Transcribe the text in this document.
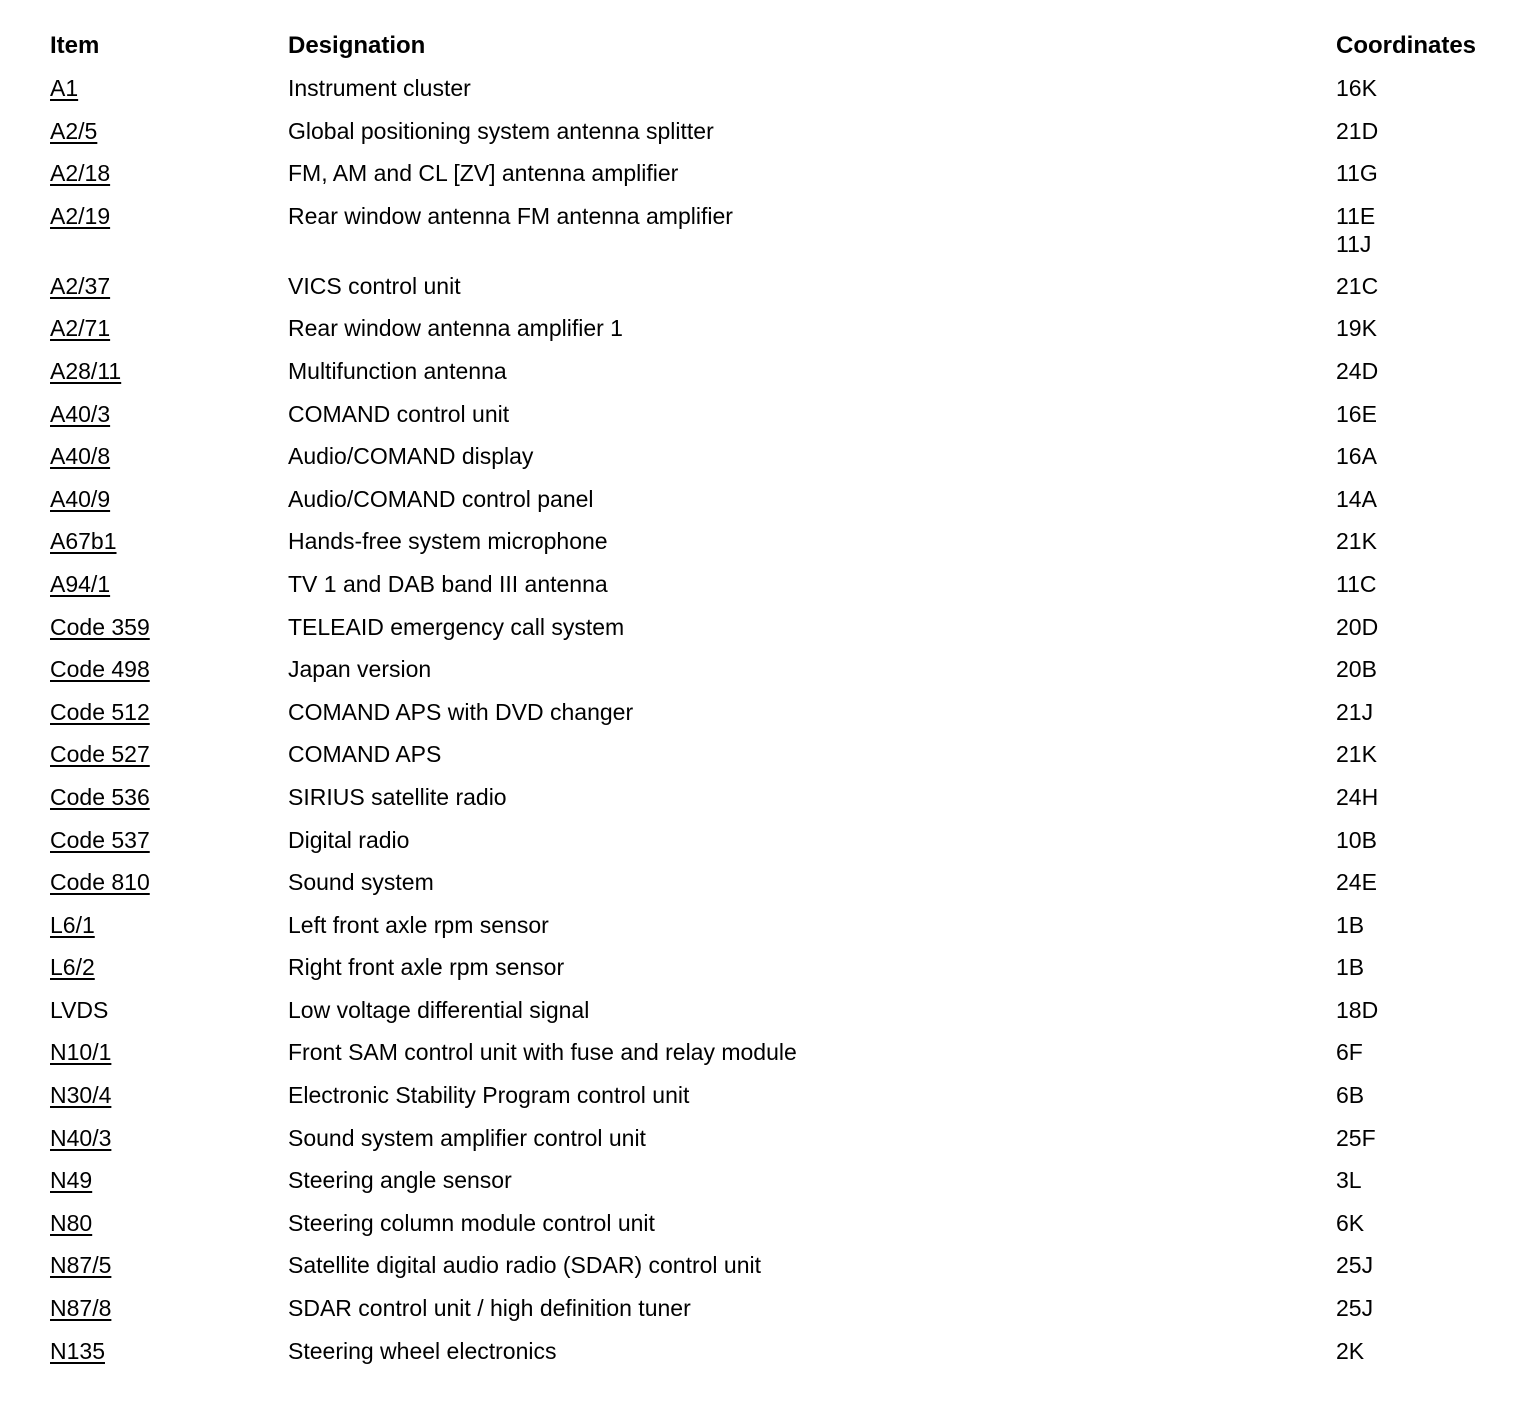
Item	Designation	Coordinates
A1	Instrument cluster	16K
A2/5	Global positioning system antenna splitter	21D
A2/18	FM, AM and CL [ZV] antenna amplifier	11G
A2/19	Rear window antenna FM antenna amplifier	11E
11J
A2/37	VICS control unit	21C
A2/71	Rear window antenna amplifier 1	19K
A28/11	Multifunction antenna	24D
A40/3	COMAND control unit	16E
A40/8	Audio/COMAND display	16A
A40/9	Audio/COMAND control panel	14A
A67b1	Hands-free system microphone	21K
A94/1	TV 1 and DAB band III antenna	11C
Code 359	TELEAID emergency call system	20D
Code 498	Japan version	20B
Code 512	COMAND APS with DVD changer	21J
Code 527	COMAND APS	21K
Code 536	SIRIUS satellite radio	24H
Code 537	Digital radio	10B
Code 810	Sound system	24E
L6/1	Left front axle rpm sensor	1B
L6/2	Right front axle rpm sensor	1B
LVDS	Low voltage differential signal	18D
N10/1	Front SAM control unit with fuse and relay module	6F
N30/4	Electronic Stability Program control unit	6B
N40/3	Sound system amplifier control unit	25F
N49	Steering angle sensor	3L
N80	Steering column module control unit	6K
N87/5	Satellite digital audio radio (SDAR) control unit	25J
N87/8	SDAR control unit / high definition tuner	25J
N135	Steering wheel electronics	2K
